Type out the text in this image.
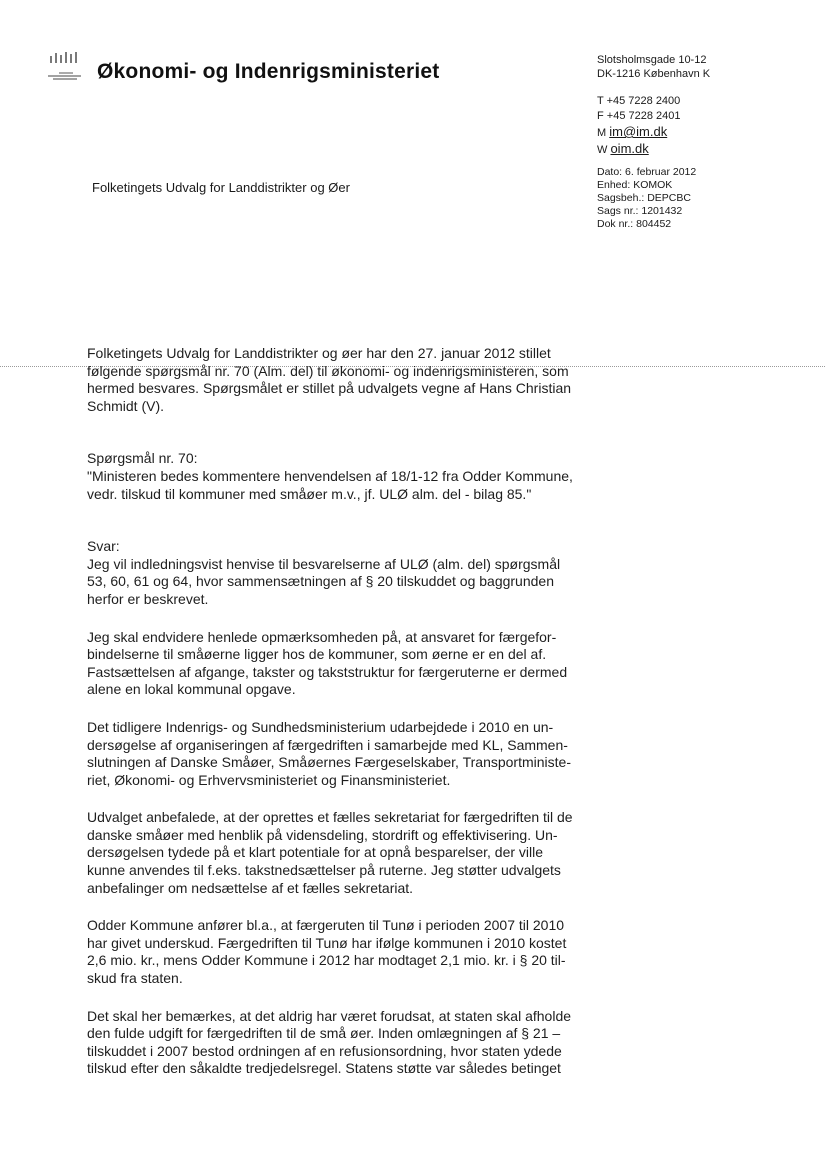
Økonomi- og Indenrigsministeriet	Slotsholmsgade 10-12
DK-1216 København K
T +45 7228 2400
F +45 7228 2401
M im@im.dk
W oim.dk
Dato: 6. februar 2012
Enhed: KOMOK
Sagsbeh.: DEPCBC
Sags nr.: 1201432
Dok nr.: 804452
Folketingets Udvalg for Landdistrikter og Øer

Folketingets Udvalg for Landdistrikter og øer har den 27. januar 2012 stillet
følgende spørgsmål nr. 70 (Alm. del) til økonomi- og indenrigsministeren, som
hermed besvares. Spørgsmålet er stillet på udvalgets vegne af Hans Christian
Schmidt (V).

Spørgsmål nr. 70:
"Ministeren bedes kommentere henvendelsen af 18/1-12 fra Odder Kommune,
vedr. tilskud til kommuner med småøer m.v., jf. ULØ alm. del - bilag 85."

Svar:
Jeg vil indledningsvist henvise til besvarelserne af ULØ (alm. del) spørgsmål
53, 60, 61 og 64, hvor sammensætningen af § 20 tilskuddet og baggrunden
herfor er beskrevet.

Jeg skal endvidere henlede opmærksomheden på, at ansvaret for færgefor-
bindelserne til småøerne ligger hos de kommuner, som øerne er en del af.
Fastsættelsen af afgange, takster og takststruktur for færgeruterne er dermed
alene en lokal kommunal opgave.

Det tidligere Indenrigs- og Sundhedsministerium udarbejdede i 2010 en un-
dersøgelse af organiseringen af færgedriften i samarbejde med KL, Sammen-
slutningen af Danske Småøer, Småøernes Færgeselskaber, Transportministe-
riet, Økonomi- og Erhvervsministeriet og Finansministeriet.

Udvalget anbefalede, at der oprettes et fælles sekretariat for færgedriften til de
danske småøer med henblik på vidensdeling, stordrift og effektivisering. Un-
dersøgelsen tydede på et klart potentiale for at opnå besparelser, der ville
kunne anvendes til f.eks. takstnedsættelser på ruterne. Jeg støtter udvalgets
anbefalinger om nedsættelse af et fælles sekretariat.

Odder Kommune anfører bl.a., at færgeruten til Tunø i perioden 2007 til 2010
har givet underskud. Færgedriften til Tunø har ifølge kommunen i 2010 kostet
2,6 mio. kr., mens Odder Kommune i 2012 har modtaget 2,1 mio. kr. i § 20 til-
skud fra staten.

Det skal her bemærkes, at det aldrig har været forudsat, at staten skal afholde
den fulde udgift for færgedriften til de små øer. Inden omlægningen af § 21 –
tilskuddet i 2007 bestod ordningen af en refusionsordning, hvor staten ydede
tilskud efter den såkaldte tredjedelsregel. Statens støtte var således betinget
